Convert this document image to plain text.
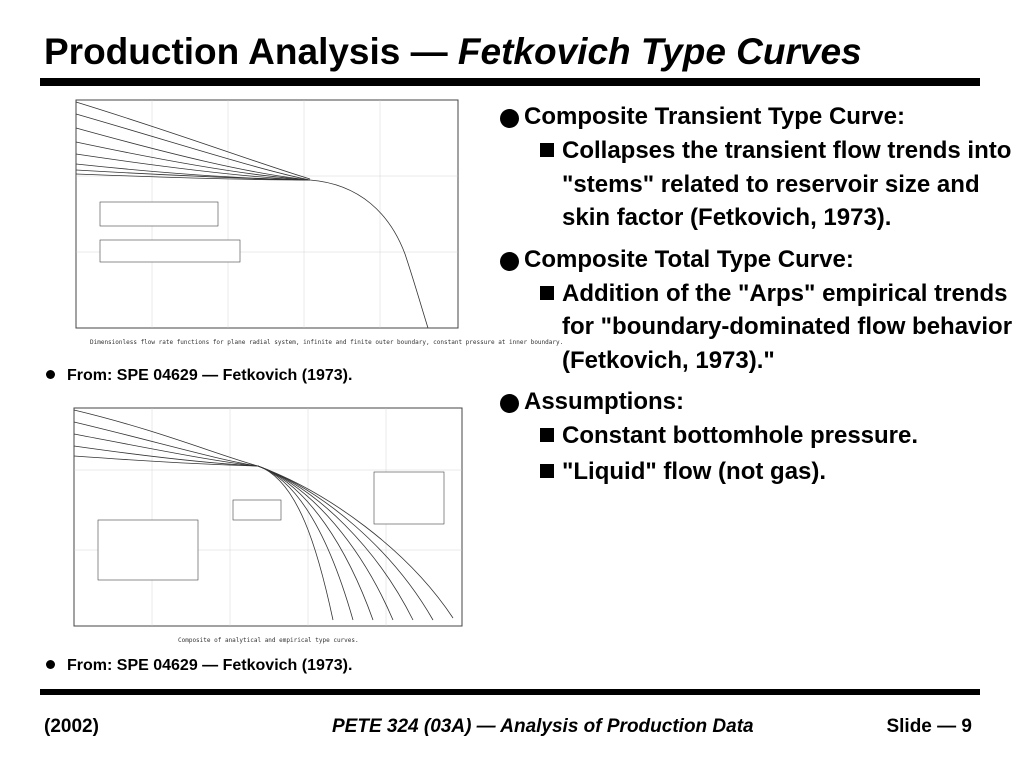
Production Analysis — Fetkovich Type Curves
Dimensionless flow rate functions for plane radial system, infinite and finite outer boundary, constant pressure at inner boundary.
From: SPE 04629 — Fetkovich (1973).
Composite of analytical and empirical type curves.
From: SPE 04629 — Fetkovich (1973).
Composite Transient Type Curve:
Collapses the transient flow trends into "stems" related to reservoir size and skin factor (Fetkovich, 1973).
Composite Total Type Curve:
Addition of the "Arps" empirical trends for "boundary-dominated flow behavior (Fetkovich, 1973)."
Assumptions:
Constant bottomhole pressure.
"Liquid" flow (not gas).
(2002)	PETE 324 (03A) — Analysis of Production Data	Slide — 9
